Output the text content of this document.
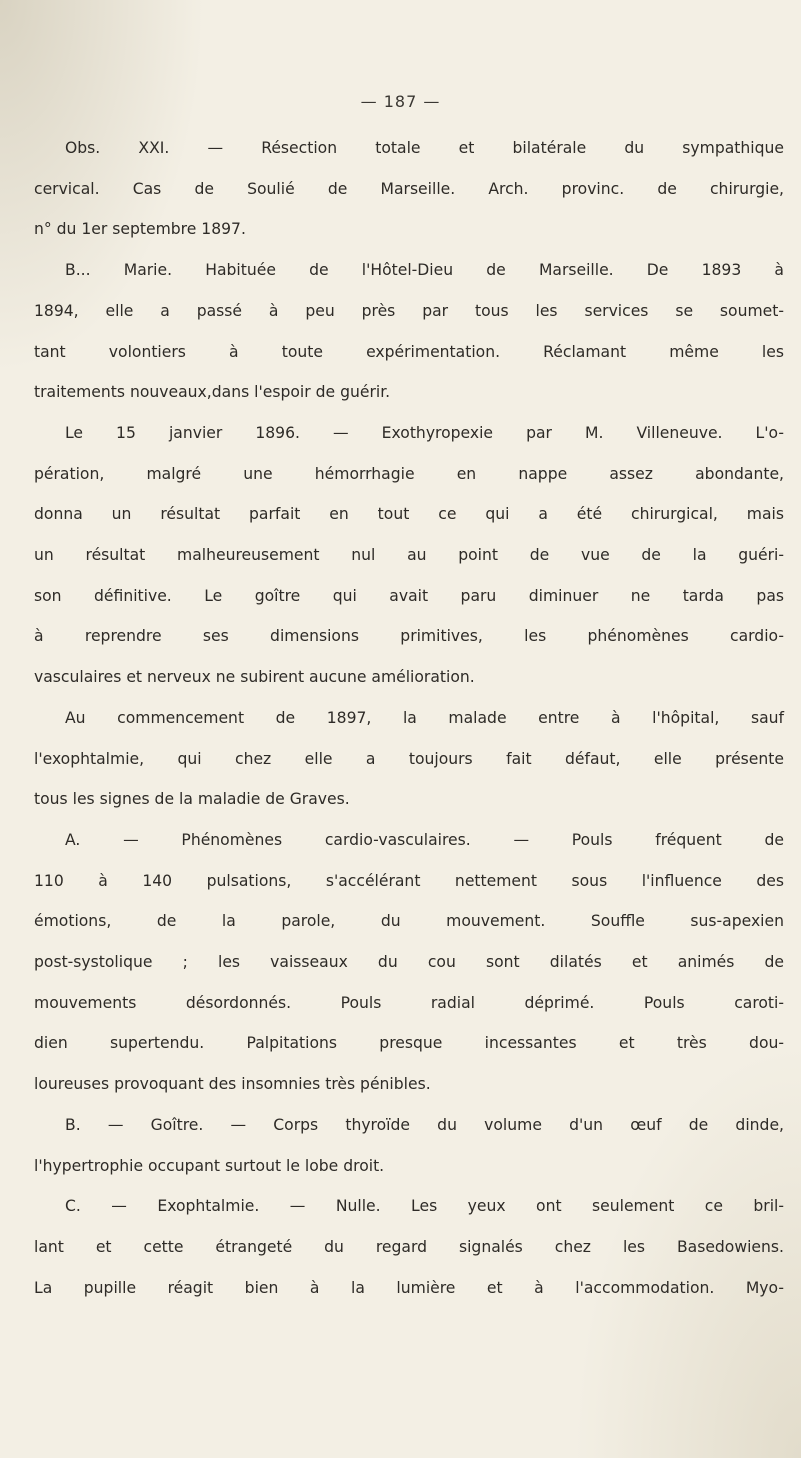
— 187 —
Obs. XXI. — Résection totale et bilatérale du sympathique
cervical. Cas de Soulié de Marseille. Arch. provinc. de chirurgie,
n° du 1er septembre 1897.
B... Marie. Habituée de l'Hôtel-Dieu de Marseille. De 1893 à
1894, elle a passé à peu près par tous les services se soumet-
tant volontiers à toute expérimentation. Réclamant même les
traitements nouveaux,dans l'espoir de guérir.
Le 15 janvier 1896. — Exothyropexie par M. Villeneuve. L'o-
pération, malgré une hémorrhagie en nappe assez abondante,
donna un résultat parfait en tout ce qui a été chirurgical, mais
un résultat malheureusement nul au point de vue de la guéri-
son définitive. Le goître qui avait paru diminuer ne tarda pas
à reprendre ses dimensions primitives, les phénomènes cardio-
vasculaires et nerveux ne subirent aucune amélioration.
Au commencement de 1897, la malade entre à l'hôpital, sauf
l'exophtalmie, qui chez elle a toujours fait défaut, elle présente
tous les signes de la maladie de Graves.
A. — Phénomènes cardio-vasculaires. — Pouls fréquent de
110 à 140 pulsations, s'accélérant nettement sous l'influence des
émotions, de la parole, du mouvement. Souffle sus-apexien
post-systolique ; les vaisseaux du cou sont dilatés et animés de
mouvements désordonnés. Pouls radial déprimé. Pouls caroti-
dien supertendu. Palpitations presque incessantes et très dou-
loureuses provoquant des insomnies très pénibles.
B. — Goître. — Corps thyroïde du volume d'un œuf de dinde,
l'hypertrophie occupant surtout le lobe droit.
C. — Exophtalmie. — Nulle. Les yeux ont seulement ce bril-
lant et cette étrangeté du regard signalés chez les Basedowiens.
La pupille réagit bien à la lumière et à l'accommodation. Myo-
